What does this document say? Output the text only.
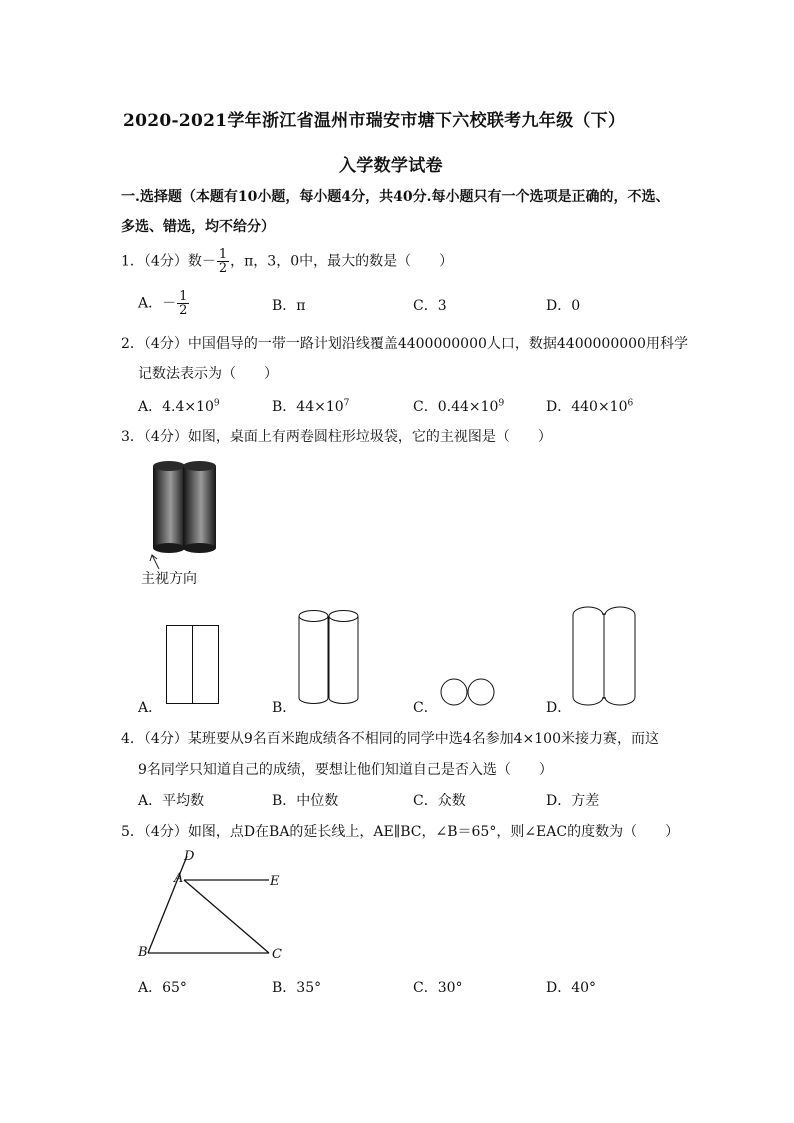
2020-2021学年浙江省温州市瑞安市塘下六校联考九年级（下）
入学数学试卷
一.选择题（本题有10小题，每小题4分，共40分.每小题只有一个选项是正确的，不选、
多选、错选，均不给分）
1．（4分）数－ $\frac{1}{2}$ ，π，3，0中，最大的数是（　　）
A．－ $\frac{1}{2}$	B．π	C．3	D．0
2．（4分）中国倡导的一带一路计划沿线覆盖4400000000人口，数据4400000000用科学
记数法表示为（　　）
A．$4.4\times 10^9$	B．$44\times 10^7$	C．$0.44\times 10^9$	D．$440\times 10^6$
3．（4分）如图，桌面上有两卷圆柱形垃圾袋，它的主视图是（　　）
主视方向
A．	B．	C．	D．
4．（4分）某班要从9名百米跑成绩各不相同的同学中选4名参加4×100米接力赛，而这
9名同学只知道自己的成绩，要想让他们知道自己是否入选（　　）
A．平均数	B．中位数	C．众数	D．方差
5．（4分）如图，点D在BA的延长线上，AE∥BC，∠B＝65°，则∠EAC的度数为（　　）
D
A	E
B	C
A．65°	B．35°	C．30°	D．40°
